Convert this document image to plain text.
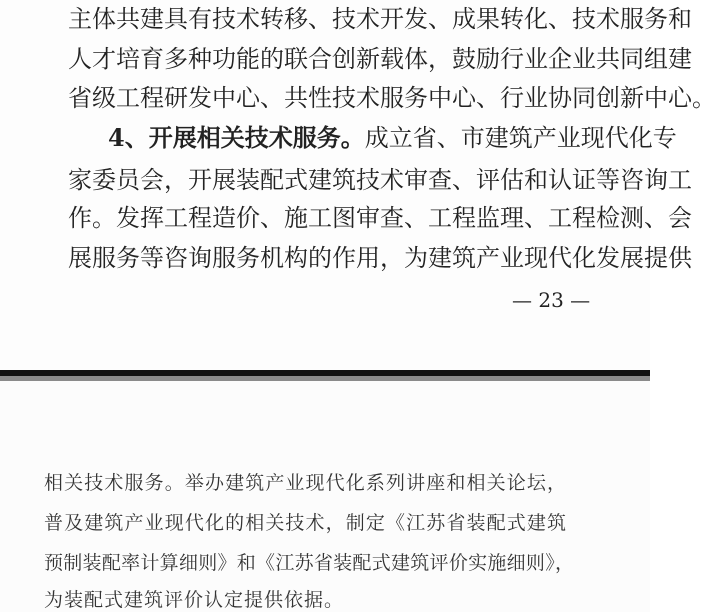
主体共建具有技术转移、技术开发、成果转化、技术服务和
人才培育多种功能的联合创新载体，鼓励行业企业共同组建
省级工程研发中心、共性技术服务中心、行业协同创新中心。
4、开展相关技术服务。成立省、市建筑产业现代化专
家委员会，开展装配式建筑技术审查、评估和认证等咨询工
作。发挥工程造价、施工图审查、工程监理、工程检测、会
展服务等咨询服务机构的作用，为建筑产业现代化发展提供
— 23 —
相关技术服务。举办建筑产业现代化系列讲座和相关论坛，
普及建筑产业现代化的相关技术，制定《江苏省装配式建筑
预制装配率计算细则》和《江苏省装配式建筑评价实施细则》，
为装配式建筑评价认定提供依据。
